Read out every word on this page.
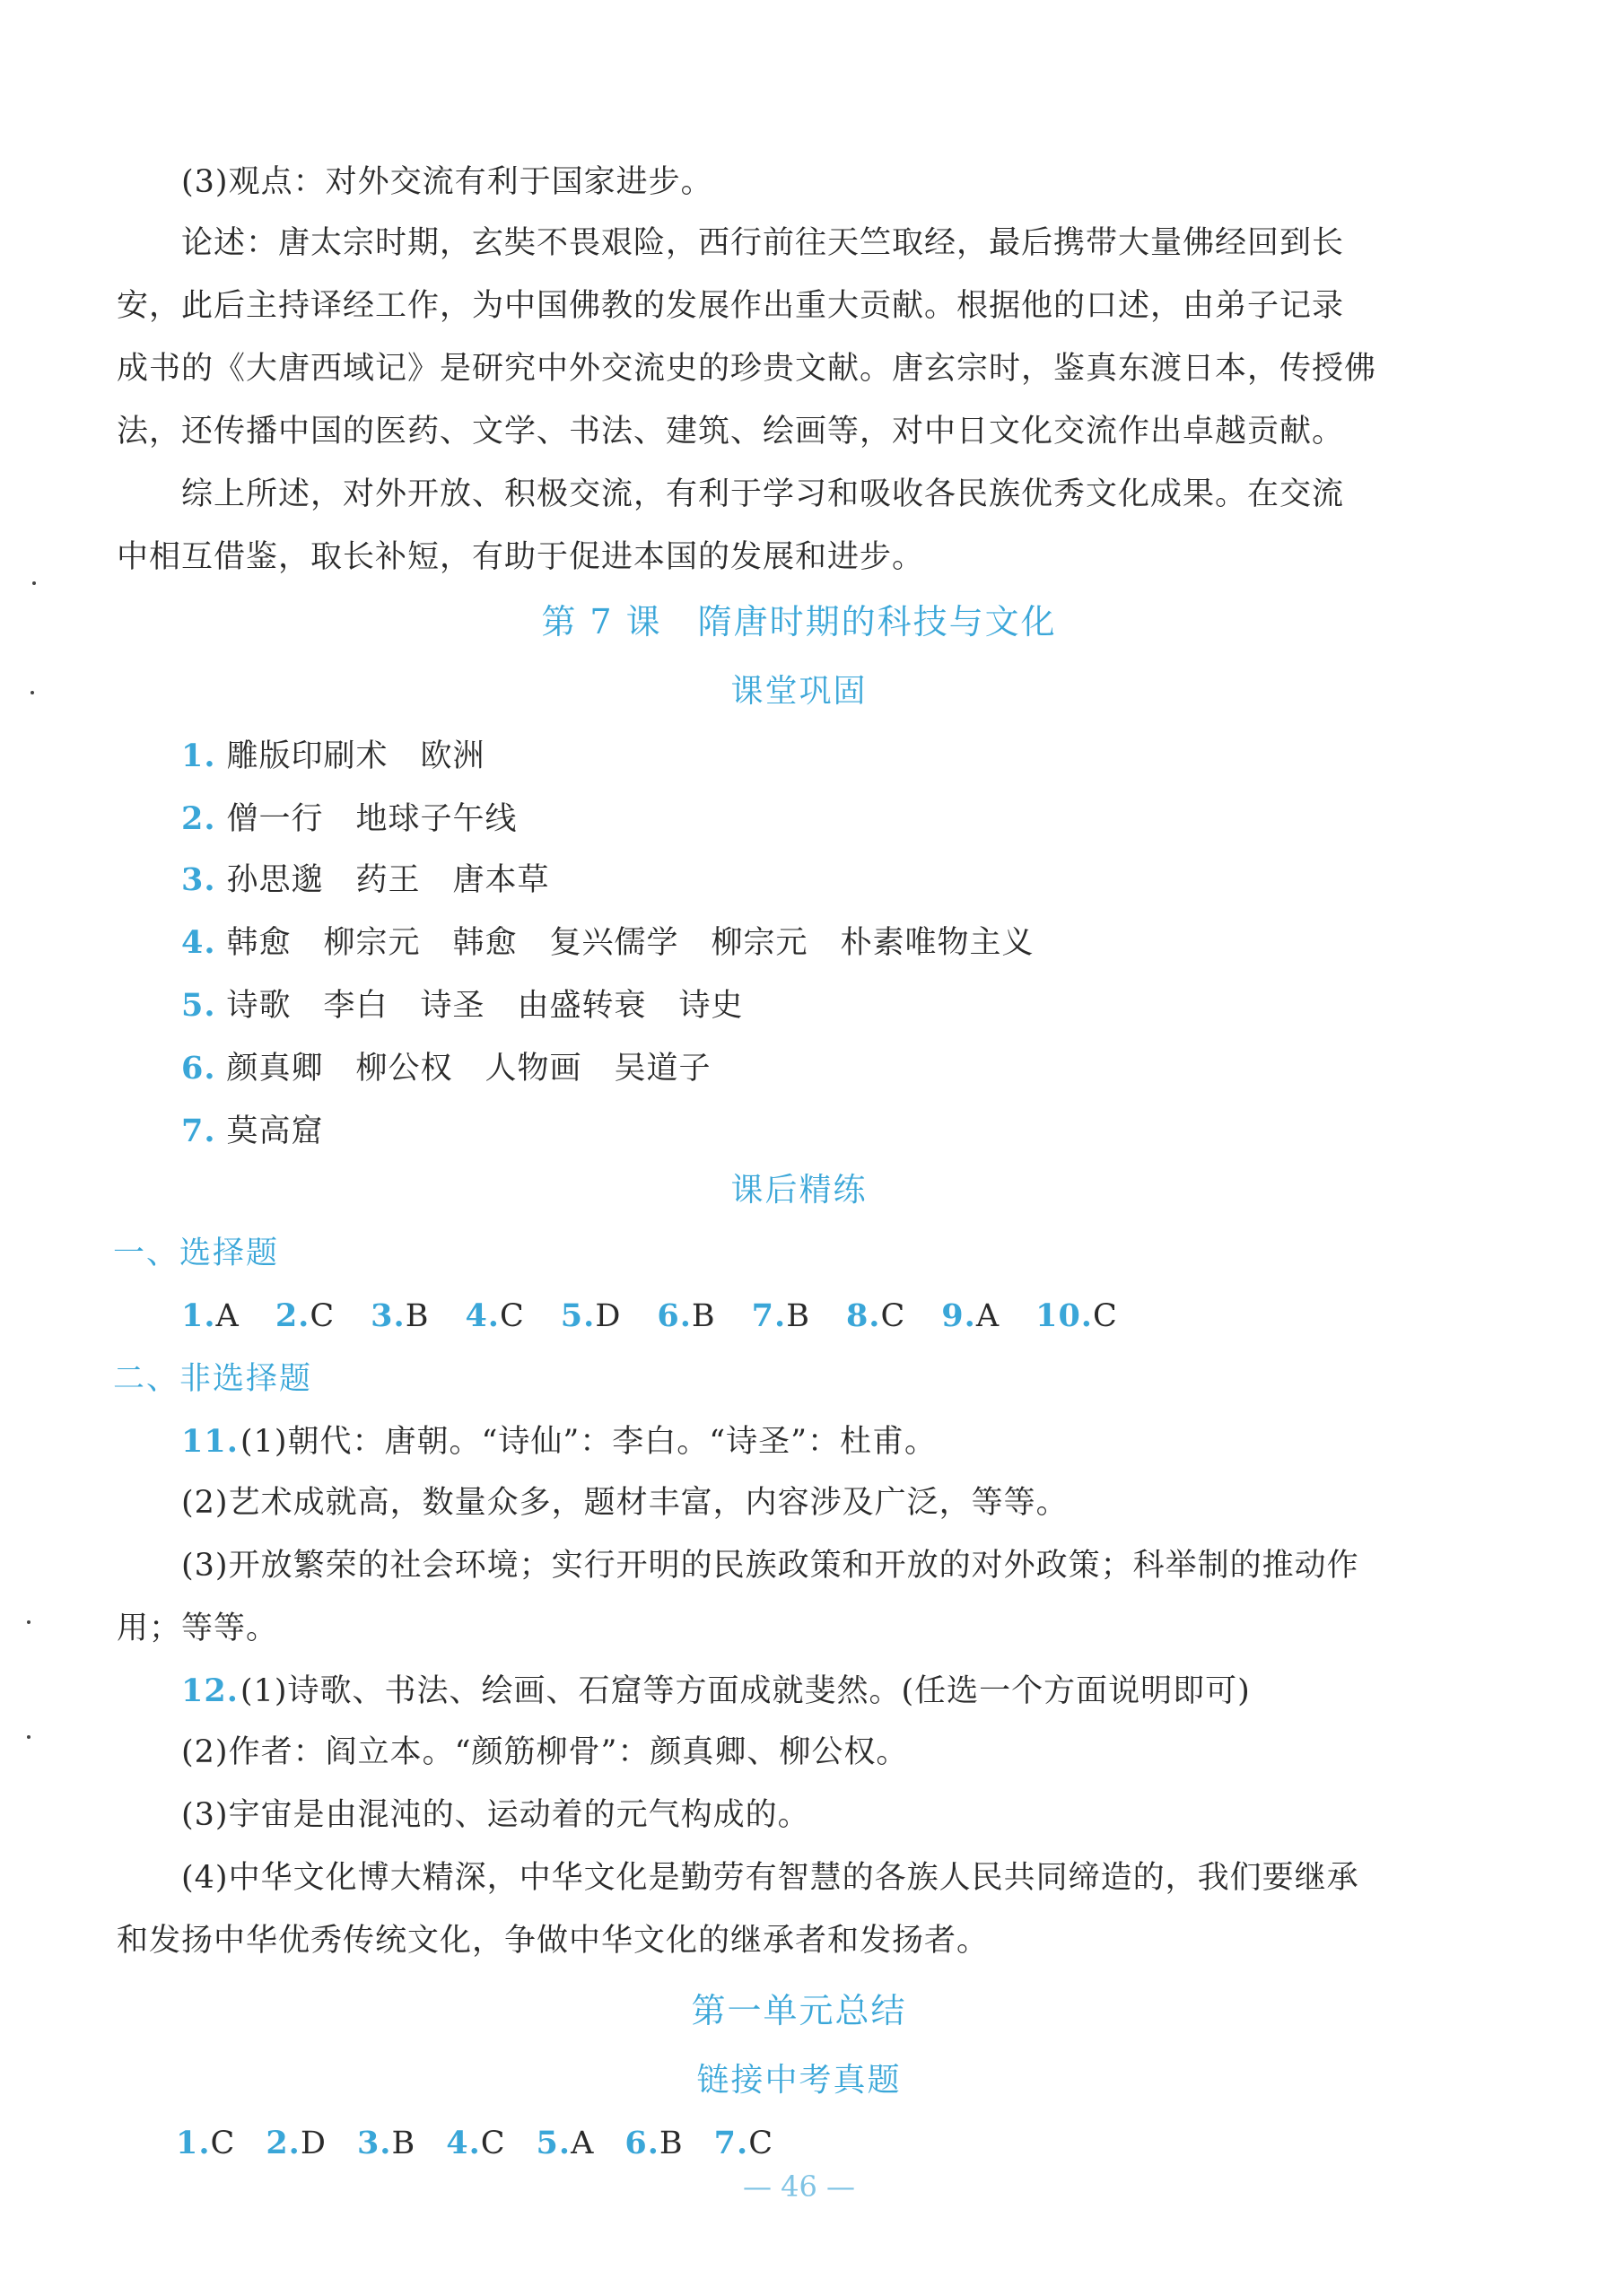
(3)观点：对外交流有利于国家进步。
论述：唐太宗时期，玄奘不畏艰险，西行前往天竺取经，最后携带大量佛经回到长
安，此后主持译经工作，为中国佛教的发展作出重大贡献。根据他的口述，由弟子记录
成书的《大唐西域记》是研究中外交流史的珍贵文献。唐玄宗时，鉴真东渡日本，传授佛
法，还传播中国的医药、文学、书法、建筑、绘画等，对中日文化交流作出卓越贡献。
综上所述，对外开放、积极交流，有利于学习和吸收各民族优秀文化成果。在交流
中相互借鉴，取长补短，有助于促进本国的发展和进步。
第 7 课　隋唐时期的科技与文化
课堂巩固
1. 雕版印刷术　欧洲
2. 僧一行　地球子午线
3. 孙思邈　药王　唐本草
4. 韩愈　柳宗元　韩愈　复兴儒学　柳宗元　朴素唯物主义
5. 诗歌　李白　诗圣　由盛转衰　诗史
6. 颜真卿　柳公权　人物画　吴道子
7. 莫高窟
课后精练
一、选择题
1.A 2.C 3.B 4.C 5.D 6.B 7.B 8.C 9.A 10.C
二、非选择题
11.(1)朝代：唐朝。“诗仙”：李白。“诗圣”：杜甫。
(2)艺术成就高，数量众多，题材丰富，内容涉及广泛，等等。
(3)开放繁荣的社会环境；实行开明的民族政策和开放的对外政策；科举制的推动作
用；等等。
12.(1)诗歌、书法、绘画、石窟等方面成就斐然。(任选一个方面说明即可)
(2)作者：阎立本。“颜筋柳骨”：颜真卿、柳公权。
(3)宇宙是由混沌的、运动着的元气构成的。
(4)中华文化博大精深，中华文化是勤劳有智慧的各族人民共同缔造的，我们要继承
和发扬中华优秀传统文化，争做中华文化的继承者和发扬者。
第一单元总结
链接中考真题
1.C 2.D 3.B 4.C 5.A 6.B 7.C
— 46 —
